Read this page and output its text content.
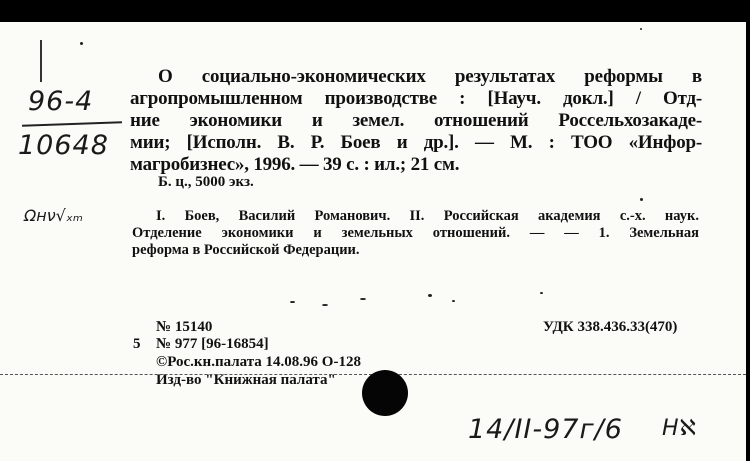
96-4
10648
Ωнν√ₓₘ
О социально-экономических результатах реформы в
агропромышленном производстве : [Науч. докл.] / Отд-
ние экономики и земел. отношений Россельхозакаде-
мии; [Исполн. В. Р. Боев и др.]. — М. : ТОО «Инфор-
магробизнес», 1996. — 39 с. : ил.; 21 см.
Б. ц., 5000 экз.
I. Боев, Василий Романович. II. Российская академия с.-х. наук.
Отделение экономики и земельных отношений. — — 1. Земельная
реформа в Российской Федерации.
№ 15140
5 № 977 [96-16854]
©Рос.кн.палата 14.08.96 О-128
Изд-во "Книжная палата"
УДК 338.436.33(470)
14/II-97г/6 Нℵ
